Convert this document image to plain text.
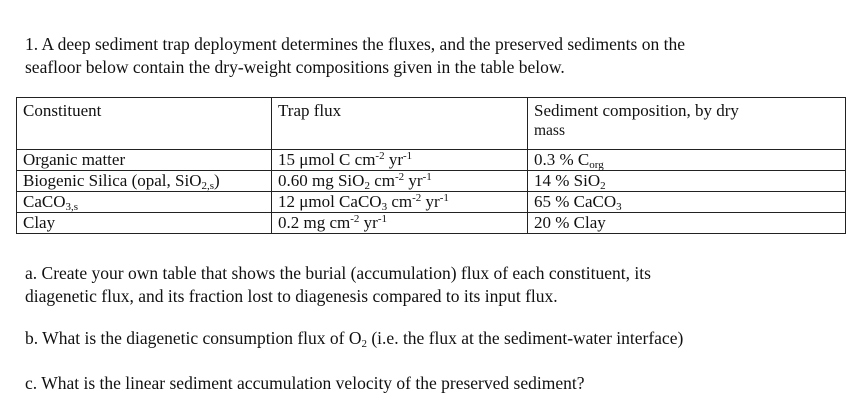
1. A deep sediment trap deployment determines the fluxes, and the preserved sediments on the

seafloor below contain the dry-weight compositions given in the table below.

Constituent	Trap flux	Sediment composition, by dry
mass
Organic matter	15 μmol C $cm^{-2}$ $yr^{-1}$	0.3 % $C_{org}$
Biogenic Silica (opal, SiO$_{2,s}$)	0.60 mg SiO$_2$ $cm^{-2}$ $yr^{-1}$	14 % SiO$_2$
CaCO$_{3,s}$	12 μmol CaCO$_3$ $cm^{-2}$ $yr^{-1}$	65 % CaCO$_3$
Clay	0.2 mg $cm^{-2}$ $yr^{-1}$	20 % Clay

a. Create your own table that shows the burial (accumulation) flux of each constituent, its

diagenetic flux, and its fraction lost to diagenesis compared to its input flux.

b. What is the diagenetic consumption flux of $O_2$ (i.e. the flux at the sediment-water interface)

c. What is the linear sediment accumulation velocity of the preserved sediment?
